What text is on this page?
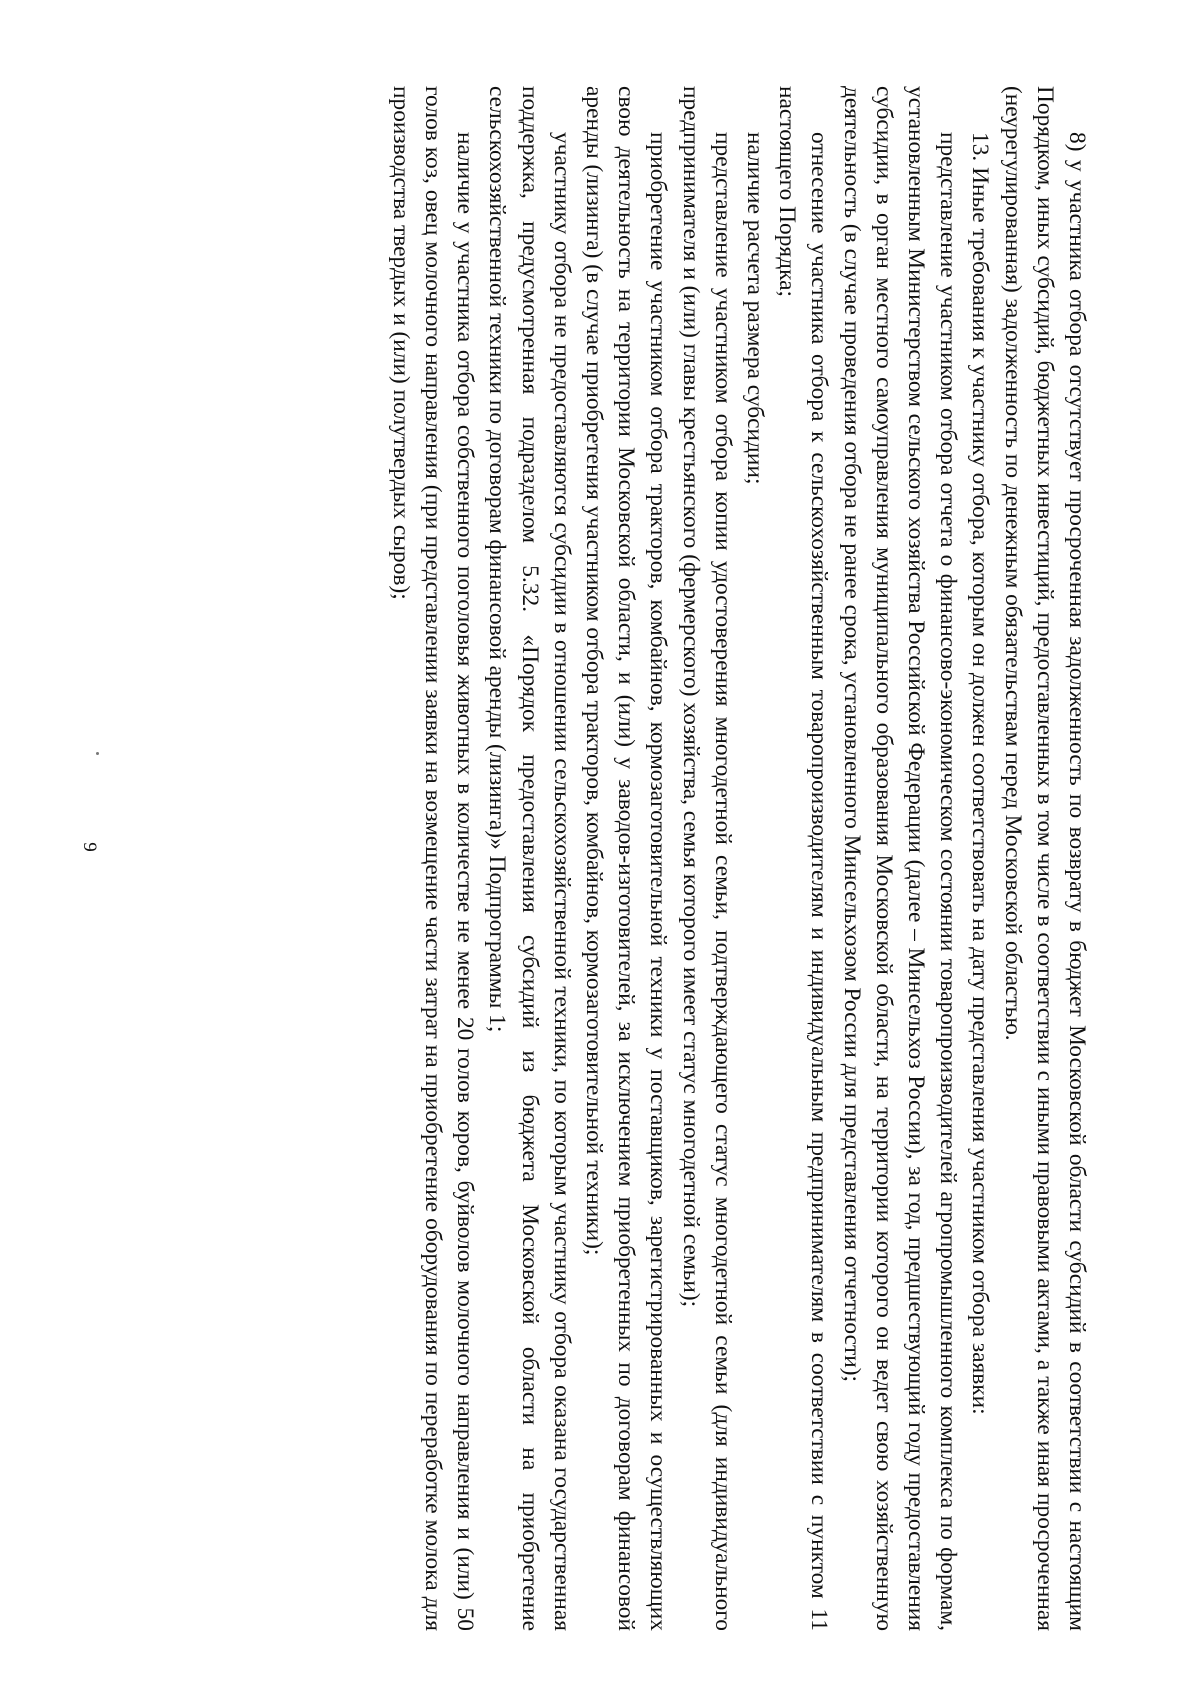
9	8) у участника отбора отсутствует просроченная задолженность по возврату в бюджет Московской области субсидий в соответствии с настоящим Порядком, иных субсидий, бюджетных инвестиций, предоставленных в том числе в соответствии с иными правовыми актами, а также иная просроченная (неурегулированная) задолженность по денежным обязательствам перед Московской областью.

13. Иные требования к участнику отбора, которым он должен соответствовать на дату представления участником отбора заявки:

представление участником отбора отчета о финансово-экономическом состоянии товаропроизводителей агропромышленного комплекса по формам, установленным Министерством сельского хозяйства Российской Федерации (далее – Минсельхоз России), за год, предшествующий году предоставления субсидии, в орган местного самоуправления муниципального образования Московской области, на территории которого он ведет свою хозяйственную деятельность (в случае проведения отбора не ранее срока, установленного Минсельхозом России для представления отчетности);

отнесение участника отбора к сельскохозяйственным товаропроизводителям и индивидуальным предпринимателям в соответствии с пунктом 11 настоящего Порядка;

наличие расчета размера субсидии;

представление участником отбора копии удостоверения многодетной семьи, подтверждающего статус многодетной семьи (для индивидуального предпринимателя и (или) главы крестьянского (фермерского) хозяйства, семья которого имеет статус многодетной семьи);

приобретение участником отбора тракторов, комбайнов, кормозаготовительной техники у поставщиков, зарегистрированных и осуществляющих свою деятельность на территории Московской области, и (или) у заводов-изготовителей, за исключением приобретенных по договорам финансовой аренды (лизинга) (в случае приобретения участником отбора тракторов, комбайнов, кормозаготовительной техники);

участнику отбора не предоставляются субсидии в отношении сельскохозяйственной техники, по которым участнику отбора оказана государственная поддержка, предусмотренная подразделом 5.32. «Порядок предоставления субсидий из бюджета Московской области на приобретение сельскохозяйственной техники по договорам финансовой аренды (лизинга)» Подпрограммы 1;

наличие у участника отбора собственного поголовья животных в количестве не менее 20 голов коров, буйволов молочного направления и (или) 50 голов коз, овец молочного направления (при представлении заявки на возмещение части затрат на приобретение оборудования по переработке молока для производства твердых и (или) полутвердых сыров);
